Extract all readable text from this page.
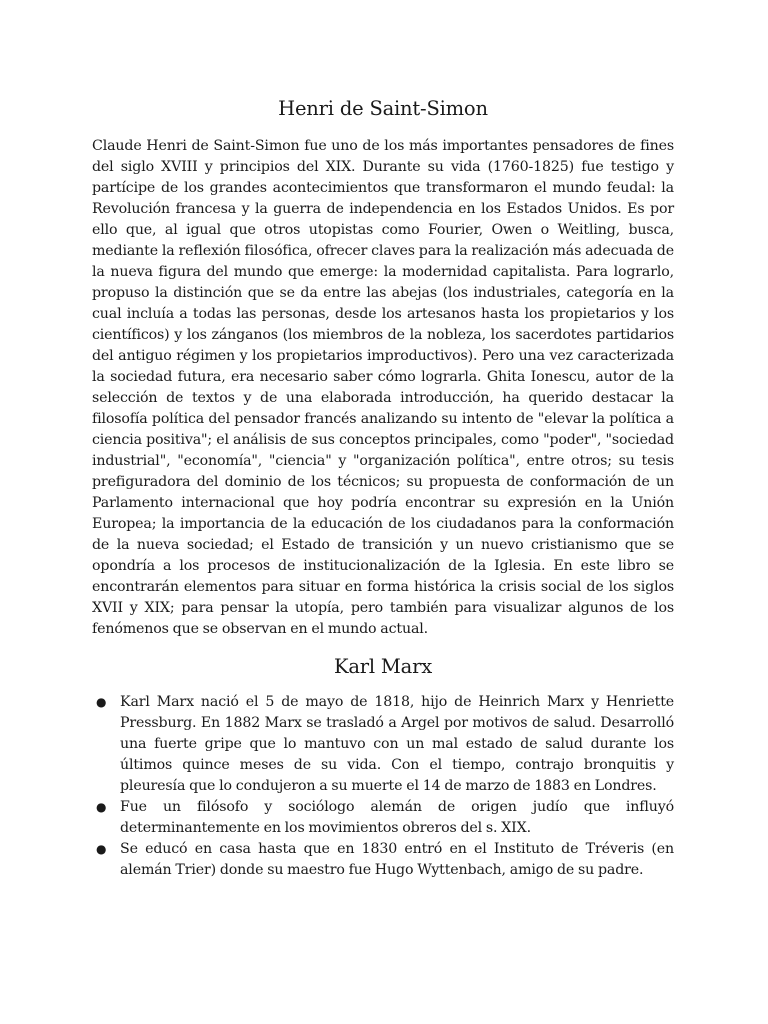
Henri de Saint-Simon

Claude Henri de Saint-Simon fue uno de los más importantes pensadores de fines del siglo XVIII y principios del XIX. Durante su vida (1760-1825) fue testigo y partícipe de los grandes acontecimientos que transformaron el mundo feudal: la Revolución francesa y la guerra de independencia en los Estados Unidos. Es por ello que, al igual que otros utopistas como Fourier, Owen o Weitling, busca, mediante la reflexión filosófica, ofrecer claves para la realización más adecuada de la nueva figura del mundo que emerge: la modernidad capitalista. Para lograrlo, propuso la distinción que se da entre las abejas (los industriales, categoría en la cual incluía a todas las personas, desde los artesanos hasta los propietarios y los científicos) y los zánganos (los miembros de la nobleza, los sacerdotes partidarios del antiguo régimen y los propietarios improductivos). Pero una vez caracterizada la sociedad futura, era necesario saber cómo lograrla. Ghita Ionescu, autor de la selección de textos y de una elaborada introducción, ha querido destacar la filosofía política del pensador francés analizando su intento de "elevar la política a ciencia positiva"; el análisis de sus conceptos principales, como "poder", "sociedad industrial", "economía", "ciencia" y "organización política", entre otros; su tesis prefiguradora del dominio de los técnicos; su propuesta de conformación de un Parlamento internacional que hoy podría encontrar su expresión en la Unión Europea; la importancia de la educación de los ciudadanos para la conformación de la nueva sociedad; el Estado de transición y un nuevo cristianismo que se opondría a los procesos de institucionalización de la Iglesia. En este libro se encontrarán elementos para situar en forma histórica la crisis social de los siglos XVII y XIX; para pensar la utopía, pero también para visualizar algunos de los fenómenos que se observan en el mundo actual.

Karl Marx
● Karl Marx nació el 5 de mayo de 1818, hijo de Heinrich Marx y Henriette Pressburg. En 1882 Marx se trasladó a Argel por motivos de salud. Desarrolló una fuerte gripe que lo mantuvo con un mal estado de salud durante los últimos quince meses de su vida. Con el tiempo, contrajo bronquitis y pleuresía que lo condujeron a su muerte el 14 de marzo de 1883 en Londres.
● Fue un filósofo y sociólogo alemán de origen judío que influyó determinantemente en los movimientos obreros del s. XIX.
● Se educó en casa hasta que en 1830 entró en el Instituto de Tréveris (en alemán Trier) donde su maestro fue Hugo Wyttenbach, amigo de su padre.
